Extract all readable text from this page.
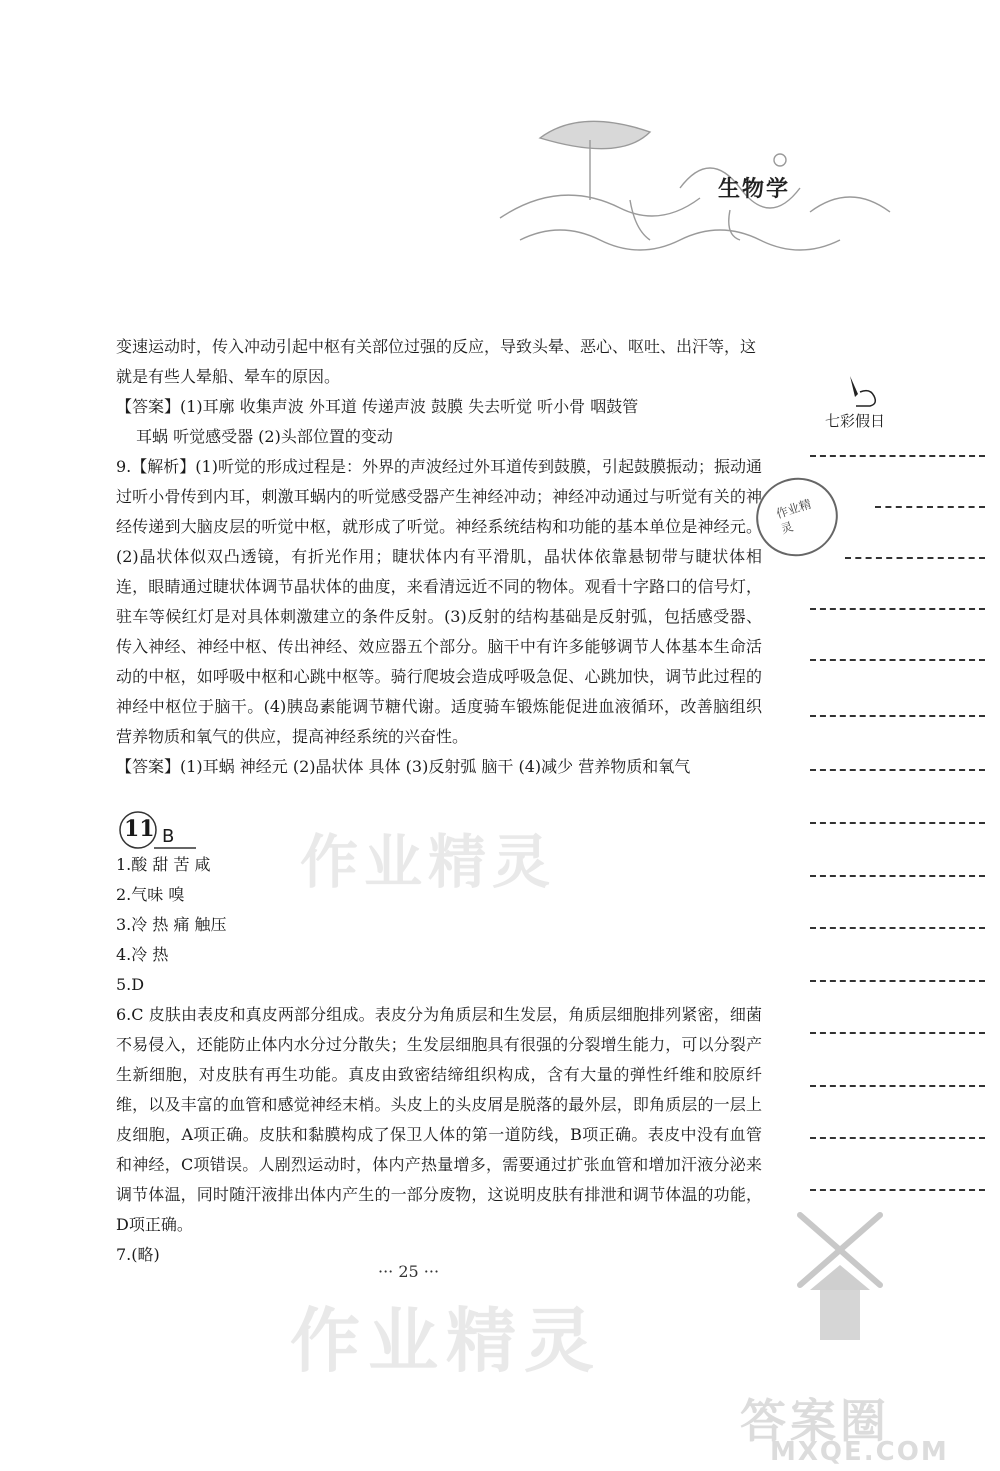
生物学

变速运动时，传入冲动引起中枢有关部位过强的反应，导致头晕、恶心、呕吐、出汗等，这

就是有些人晕船、晕车的原因。

【答案】(1)耳廓 收集声波 外耳道 传递声波 鼓膜 失去听觉 听小骨 咽鼓管

耳蜗 听觉感受器 (2)头部位置的变动

9.【解析】(1)听觉的形成过程是：外界的声波经过外耳道传到鼓膜，引起鼓膜振动；振动通过听小骨传到内耳，刺激耳蜗内的听觉感受器产生神经冲动；神经冲动通过与听觉有关的神经传递到大脑皮层的听觉中枢，就形成了听觉。神经系统结构和功能的基本单位是神经元。(2)晶状体似双凸透镜，有折光作用；睫状体内有平滑肌，晶状体依靠悬韧带与睫状体相连，眼睛通过睫状体调节晶状体的曲度，来看清远近不同的物体。观看十字路口的信号灯，驻车等候红灯是对具体刺激建立的条件反射。(3)反射的结构基础是反射弧，包括感受器、传入神经、神经中枢、传出神经、效应器五个部分。脑干中有许多能够调节人体基本生命活动的中枢，如呼吸中枢和心跳中枢等。骑行爬坡会造成呼吸急促、心跳加快，调节此过程的神经中枢位于脑干。(4)胰岛素能调节糖代谢。适度骑车锻炼能促进血液循环，改善脑组织营养物质和氧气的供应，提高神经系统的兴奋性。

【答案】(1)耳蜗 神经元 (2)晶状体 具体 (3)反射弧 脑干 (4)减少 营养物质和氧气

1.酸 甜 苦 咸
2.气味 嗅
3.冷 热 痛 触压
4.冷 热
5.D
6.C 皮肤由表皮和真皮两部分组成。表皮分为角质层和生发层，角质层细胞排列紧密，细菌不易侵入，还能防止体内水分过分散失；生发层细胞具有很强的分裂增生能力，可以分裂产生新细胞，对皮肤有再生功能。真皮由致密结缔组织构成，含有大量的弹性纤维和胶原纤维，以及丰富的血管和感觉神经末梢。头皮上的头皮屑是脱落的最外层，即角质层的一层上皮细胞，A项正确。皮肤和黏膜构成了保卫人体的第一道防线，B项正确。表皮中没有血管和神经，C项错误。人剧烈运动时，体内产热量增多，需要通过扩张血管和增加汗液分泌来调节体温，同时随汗液排出体内产生的一部分废物，这说明皮肤有排泄和调节体温的功能，D项正确。
7.(略)
11 B
七彩假日
作业精灵
作业精灵
作业精灵
··· 25 ···
答案圈
MXQE.COM
